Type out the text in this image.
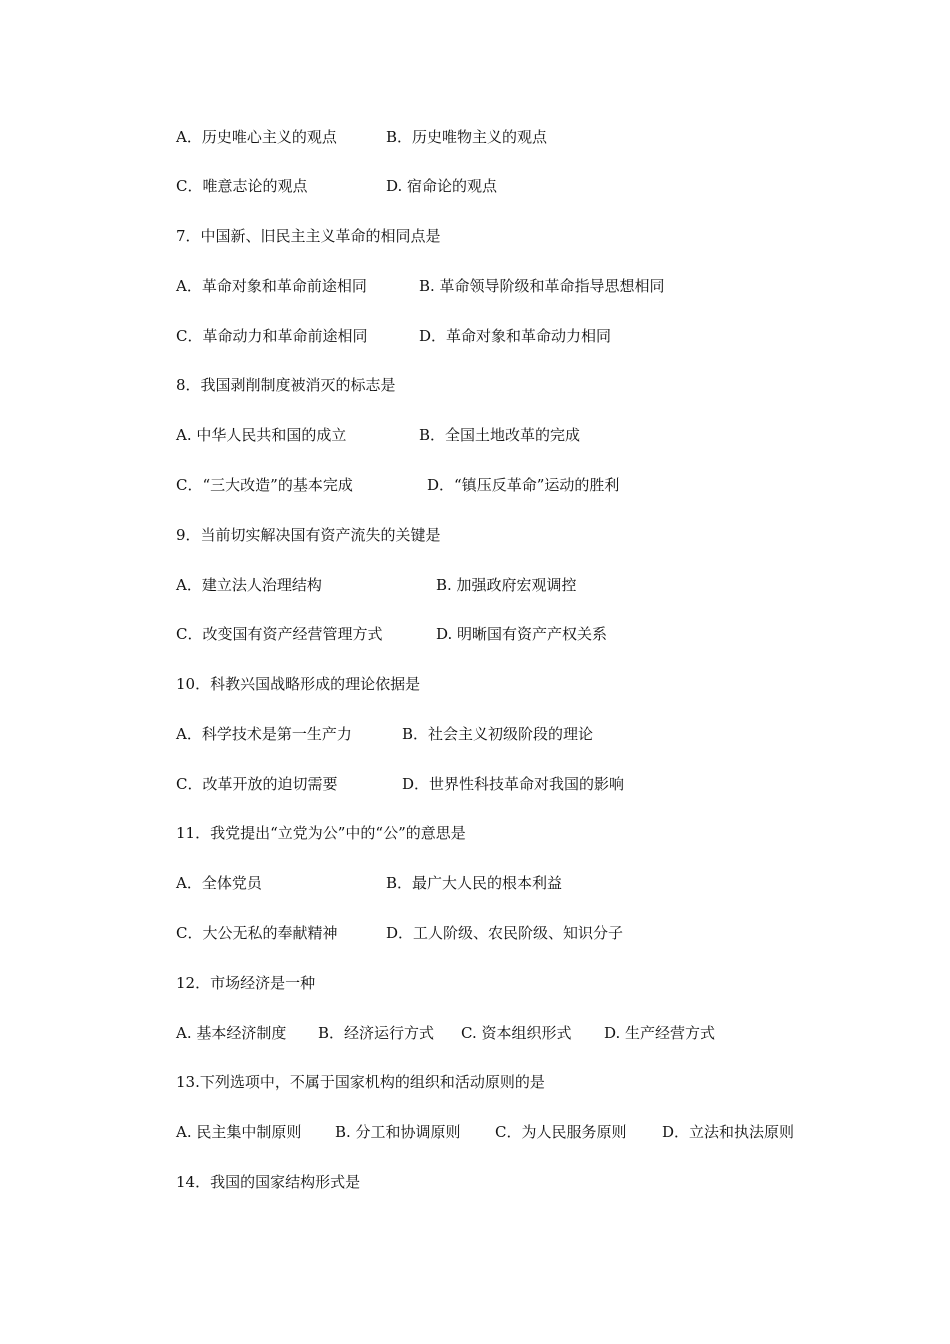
A．历史唯心主义的观点	B．历史唯物主义的观点
C．唯意志论的观点	D. 宿命论的观点
7．中国新、旧民主主义革命的相同点是
A．革命对象和革命前途相同	B. 革命领导阶级和革命指导思想相同
C．革命动力和革命前途相同	D．革命对象和革命动力相同
8．我国剥削制度被消灭的标志是
A. 中华人民共和国的成立	B．全国土地改革的完成
C．“三大改造”的基本完成	D．“镇压反革命”运动的胜利
9．当前切实解决国有资产流失的关键是
A．建立法人治理结构	B. 加强政府宏观调控
C．改变国有资产经营管理方式	D. 明晰国有资产产权关系
10．科教兴国战略形成的理论依据是
A．科学技术是第一生产力	B．社会主义初级阶段的理论
C．改革开放的迫切需要	D．世界性科技革命对我国的影响
11．我党提出“立党为公”中的“公”的意思是
A．全体党员	B．最广大人民的根本利益
C．大公无私的奉献精神	D．工人阶级、农民阶级、知识分子
12．市场经济是一种
A. 基本经济制度 B．经济运行方式 C. 资本组织形式 D. 生产经营方式
13.下列选项中，不属于国家机构的组织和活动原则的是
A. 民主集中制原则 B. 分工和协调原则 C．为人民服务原则 D．立法和执法原则
14．我国的国家结构形式是
